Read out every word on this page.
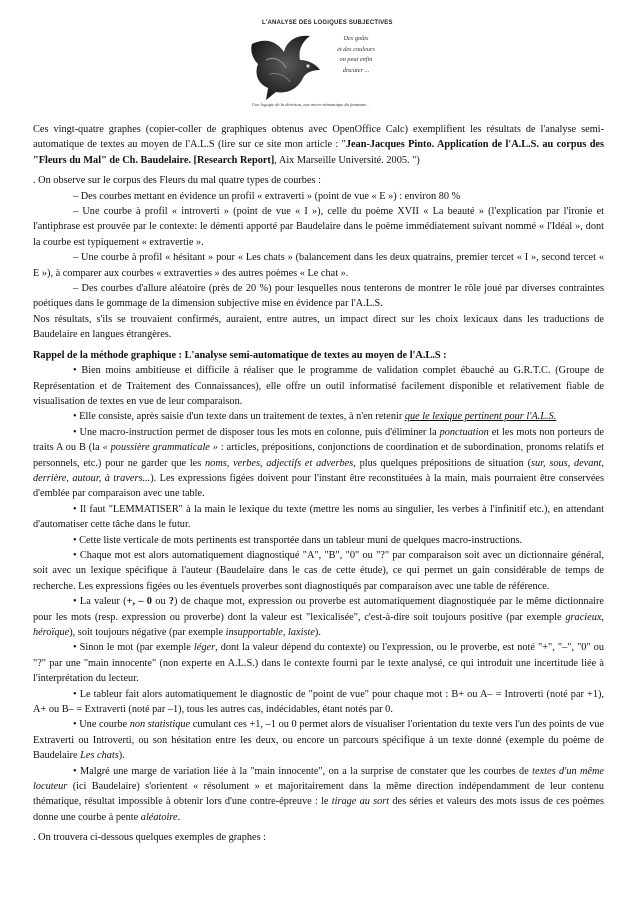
L'ANALYSE DES LOGIQUES SUBJECTIVES
Des goûts
et des couleurs
on peut enfin
discuter ...
Une logique de la déraison, aux micro-sémantique du fantasme...

Ces vingt-quatre graphes (copier-coller de graphiques obtenus avec OpenOffice Calc) exemplifient les résultats de l'analyse semi-automatique de textes au moyen de l'A.L.S (lire sur ce site mon article : "Jean-Jacques Pinto. Application de l'A.L.S. au corpus des "Fleurs du Mal" de Ch. Baudelaire. [Research Report], Aix Marseille Université. 2005. ")

. On observe sur le corpus des Fleurs du mal quatre types de courbes :

– Des courbes mettant en évidence un profil « extraverti » (point de vue « E ») : environ 80 %

– Une courbe à profil « introverti » (point de vue « I »), celle du poème XVII « La beauté » (l'explication par l'ironie et l'antiphrase est prouvée par le contexte: le démenti apporté par Baudelaire dans le poème immédiatement suivant nommé « l'Idéal », dont la courbe est typiquement « extravertie ».

– Une courbe à profil « hésitant » pour « Les chats » (balancement dans les deux quatrains, premier tercet « I », second tercet « E »), à comparer aux courbes « extraverties » des autres poèmes « Le chat ».

– Des courbes d'allure aléatoire (près de 20 %) pour lesquelles nous tenterons de montrer le rôle joué par diverses contraintes poétiques dans le gommage de la dimension subjective mise en évidence par l'A.L.S.

Nos résultats, s'ils se trouvaient confirmés, auraient, entre autres, un impact direct sur les choix lexicaux dans les traductions de Baudelaire en langues étrangères.

Rappel de la méthode graphique : L'analyse semi-automatique de textes au moyen de l'A.L.S :

• Bien moins ambitieuse et difficile à réaliser que le programme de validation complet ébauché au G.R.T.C. (Groupe de Représentation et de Traitement des Connaissances), elle offre un outil informatisé facilement disponible et relativement fiable de visualisation de textes en vue de leur comparaison.

• Elle consiste, après saisie d'un texte dans un traitement de textes, à n'en retenir que le lexique pertinent pour l'A.L.S.

• Une macro-instruction permet de disposer tous les mots en colonne, puis d'éliminer la ponctuation et les mots non porteurs de traits A ou B (la « poussière grammaticale » : articles, prépositions, conjonctions de coordination et de subordination, pronoms relatifs et personnels, etc.) pour ne garder que les noms, verbes, adjectifs et adverbes, plus quelques prépositions de situation (sur, sous, devant, derrière, autour, à travers...). Les expressions figées doivent pour l'instant être reconstituées à la main, mais pourraient être conservées d'emblée par comparaison avec une table.

• Il faut "LEMMATISER" à la main le lexique du texte (mettre les noms au singulier, les verbes à l'infinitif etc.), en attendant d'automatiser cette tâche dans le futur.

• Cette liste verticale de mots pertinents est transportée dans un tableur muni de quelques macro-instructions.

• Chaque mot est alors automatiquement diagnostiqué "A", "B", "0" ou "?" par comparaison soit avec un dictionnaire général, soit avec un lexique spécifique à l'auteur (Baudelaire dans le cas de cette étude), ce qui permet un gain considérable de temps de recherche. Les expressions figées ou les éventuels proverbes sont diagnostiqués par comparaison avec une table de référence.

• La valeur (+, – 0 ou ?) de chaque mot, expression ou proverbe est automatiquement diagnostiquée par le même dictionnaire pour les mots (resp. expression ou proverbe) dont la valeur est "lexicalisée", c'est-à-dire soit toujours positive (par exemple gracieux, héroïque), soit toujours négative (par exemple insupportable, laxiste).

• Sinon le mot (par exemple léger, dont la valeur dépend du contexte) ou l'expression, ou le proverbe, est noté "+", "–", "0" ou "?" par une "main innocente" (non experte en A.L.S.) dans le contexte fourni par le texte analysé, ce qui introduit une incertitude liée à l'interprétation du lecteur.

• Le tableur fait alors automatiquement le diagnostic de "point de vue" pour chaque mot : B+ ou A– = Introverti (noté par +1), A+ ou B– = Extraverti (noté par –1), tous les autres cas, indécidables, étant notés par 0.

• Une courbe non statistique cumulant ces +1, –1 ou 0 permet alors de visualiser l'orientation du texte vers l'un des points de vue Extraverti ou Introverti, ou son hésitation entre les deux, ou encore un parcours spécifique à un texte donné (exemple du poème de Baudelaire Les chats).

• Malgré une marge de variation liée à la "main innocente", on a la surprise de constater que les courbes de textes d'un même locuteur (ici Baudelaire) s'orientent « résolument » et majoritairement dans la même direction indépendamment de leur contenu thématique, résultat impossible à obtenir lors d'une contre-épreuve : le tirage au sort des séries et valeurs des mots issus de ces poèmes donne une courbe à pente aléatoire.

. On trouvera ci-dessous quelques exemples de graphes :
